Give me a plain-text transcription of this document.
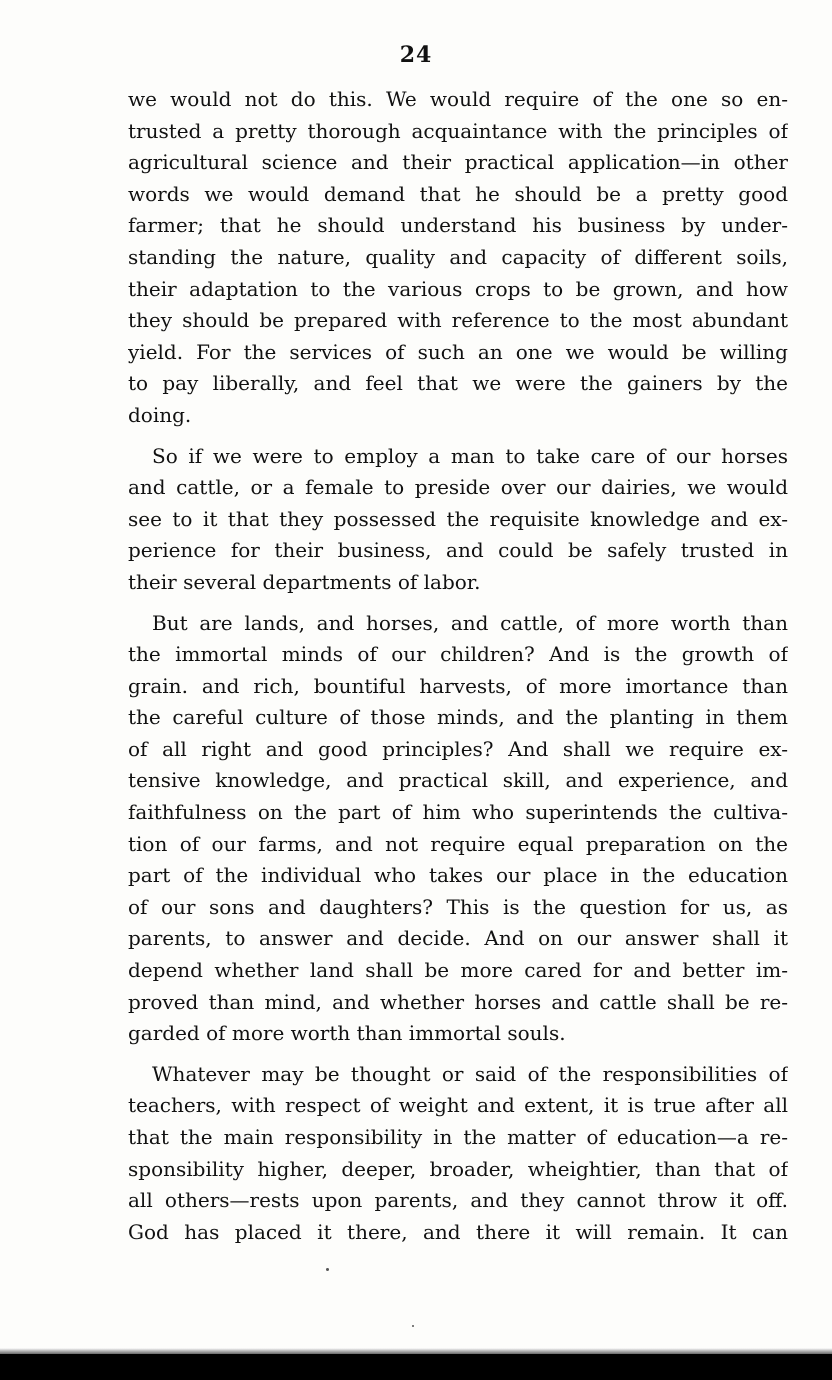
24
we would not do this. We would require of the one so en-
trusted a pretty thorough acquaintance with the principles of
agricultural science and their practical application—in other
words we would demand that he should be a pretty good
farmer; that he should understand his business by under-
standing the nature, quality and capacity of different soils,
their adaptation to the various crops to be grown, and how
they should be prepared with reference to the most abundant
yield. For the services of such an one we would be willing
to pay liberally, and feel that we were the gainers by the
doing.
So if we were to employ a man to take care of our horses
and cattle, or a female to preside over our dairies, we would
see to it that they possessed the requisite knowledge and ex-
perience for their business, and could be safely trusted in
their several departments of labor.
But are lands, and horses, and cattle, of more worth than
the immortal minds of our children? And is the growth of
grain. and rich, bountiful harvests, of more imortance than
the careful culture of those minds, and the planting in them
of all right and good principles? And shall we require ex-
tensive knowledge, and practical skill, and experience, and
faithfulness on the part of him who superintends the cultiva-
tion of our farms, and not require equal preparation on the
part of the individual who takes our place in the education
of our sons and daughters? This is the question for us, as
parents, to answer and decide. And on our answer shall it
depend whether land shall be more cared for and better im-
proved than mind, and whether horses and cattle shall be re-
garded of more worth than immortal souls.
Whatever may be thought or said of the responsibilities of
teachers, with respect of weight and extent, it is true after all
that the main responsibility in the matter of education—a re-
sponsibility higher, deeper, broader, wheightier, than that of
all others—rests upon parents, and they cannot throw it off.
God has placed it there, and there it will remain. It can
